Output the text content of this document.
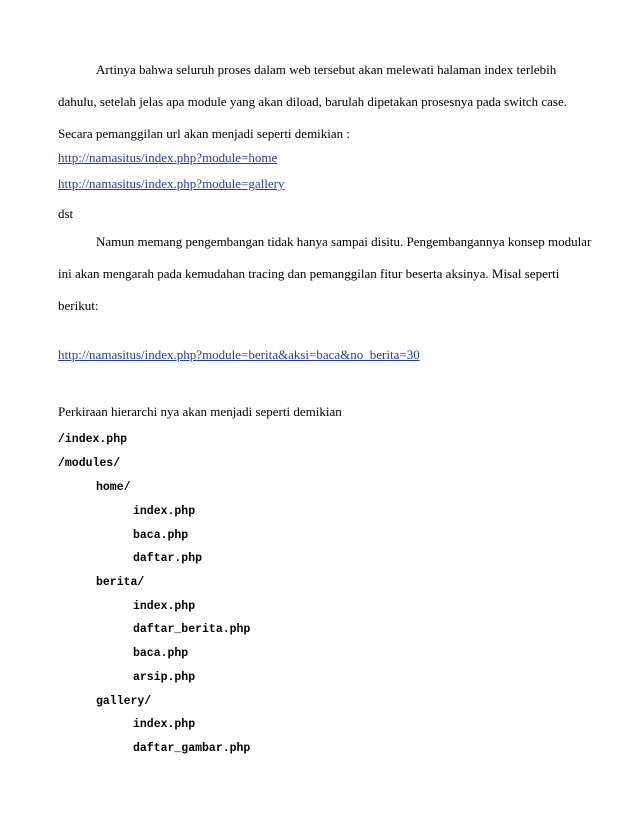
Artinya bahwa seluruh proses dalam web tersebut akan melewati halaman index terlebih
dahulu, setelah jelas apa module yang akan diload, barulah dipetakan prosesnya pada switch case.
Secara pemanggilan url akan menjadi seperti demikian :
http://namasitus/index.php?module=home
http://namasitus/index.php?module=gallery
dst
Namun memang pengembangan tidak hanya sampai disitu. Pengembangannya konsep modular
ini akan mengarah pada kemudahan tracing dan pemanggilan fitur beserta aksinya. Misal seperti
berikut:
http://namasitus/index.php?module=berita&aksi=baca&no_berita=30
Perkiraan hierarchi nya akan menjadi seperti demikian
/index.php
/modules/
home/
index.php
baca.php
daftar.php
berita/
index.php
daftar_berita.php
baca.php
arsip.php
gallery/
index.php
daftar_gambar.php
